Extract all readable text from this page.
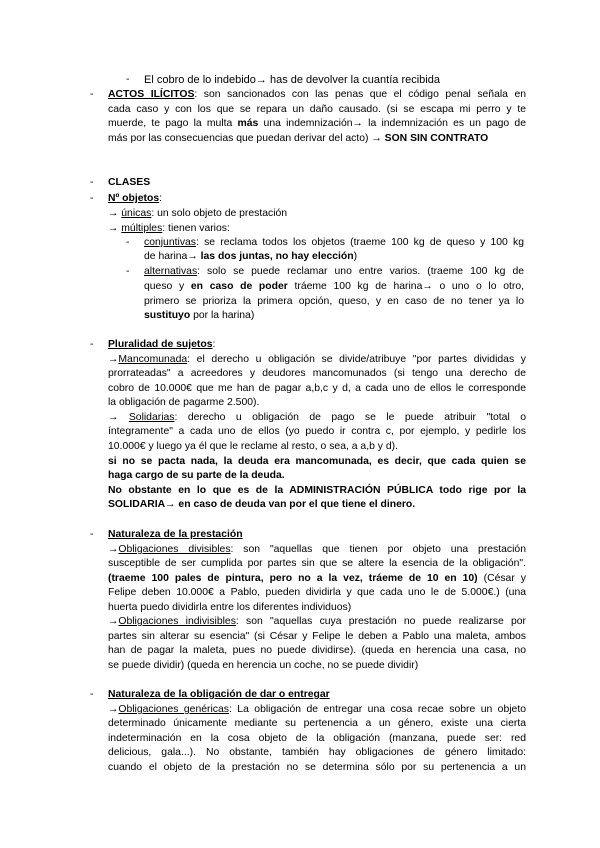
- El cobro de lo indebido→ has de devolver la cuantía recibida
- ACTOS ILÍCITOS: son sancionados con las penas que el código penal señala en
cada caso y con los que se repara un daño causado. (si se escapa mi perro y te
muerde, te pago la multa más una indemnización→ la indemnización es un pago de
más por las consecuencias que puedan derivar del acto) → SON SIN CONTRATO
- CLASES
- Nº objetos:
→ únicas: un solo objeto de prestación
→ múltiples: tienen varios:
- conjuntivas: se reclama todos los objetos (traeme 100 kg de queso y 100 kg
de harina→ las dos juntas, no hay elección)
- alternativas: solo se puede reclamar uno entre varios. (traeme 100 kg de
queso y en caso de poder tráeme 100 kg de harina→ o uno o lo otro,
primero se prioriza la primera opción, queso, y en caso de no tener ya lo
sustituyo por la harina)
- Pluralidad de sujetos:
→Mancomunada: el derecho u obligación se divide/atribuye "por partes divididas y
prorrateadas" a acreedores y deudores mancomunados (si tengo una derecho de
cobro de 10.000€ que me han de pagar a,b,c y d, a cada uno de ellos le corresponde
la obligación de pagarme 2.500).
→ Solidarias: derecho u obligación de pago se le puede atribuir "total o
íntegramente" a cada uno de ellos (yo puedo ir contra c, por ejemplo, y pedirle los
10.000€ y luego ya él que le reclame al resto, o sea, a a,b y d).
si no se pacta nada, la deuda era mancomunada, es decir, que cada quien se
haga cargo de su parte de la deuda.
No obstante en lo que es de la ADMINISTRACIÓN PÚBLICA todo rige por la
SOLIDARIA→ en caso de deuda van por el que tiene el dinero.
- Naturaleza de la prestación
→Obligaciones divisibles: son "aquellas que tienen por objeto una prestación
susceptible de ser cumplida por partes sin que se altere la esencia de la obligación".
(traeme 100 pales de pintura, pero no a la vez, tráeme de 10 en 10) (César y
Felipe deben 10.000€ a Pablo, pueden dividirla y que cada uno le de 5.000€.) (una
huerta puedo dividirla entre los diferentes individuos)
→Obligaciones indivisibles: son "aquellas cuya prestación no puede realizarse por
partes sin alterar su esencia" (si César y Felipe le deben a Pablo una maleta, ambos
han de pagar la maleta, pues no puede dividirse). (queda en herencia una casa, no
se puede dividir) (queda en herencia un coche, no se puede dividir)
- Naturaleza de la obligación de dar o entregar
→Obligaciones genéricas: La obligación de entregar una cosa recae sobre un objeto
determinado únicamente mediante su pertenencia a un género, existe una cierta
indeterminación en la cosa objeto de la obligación (manzana, puede ser: red
delicious, gala...). No obstante, también hay obligaciones de género limitado:
cuando el objeto de la prestación no se determina sólo por su pertenencia a un
